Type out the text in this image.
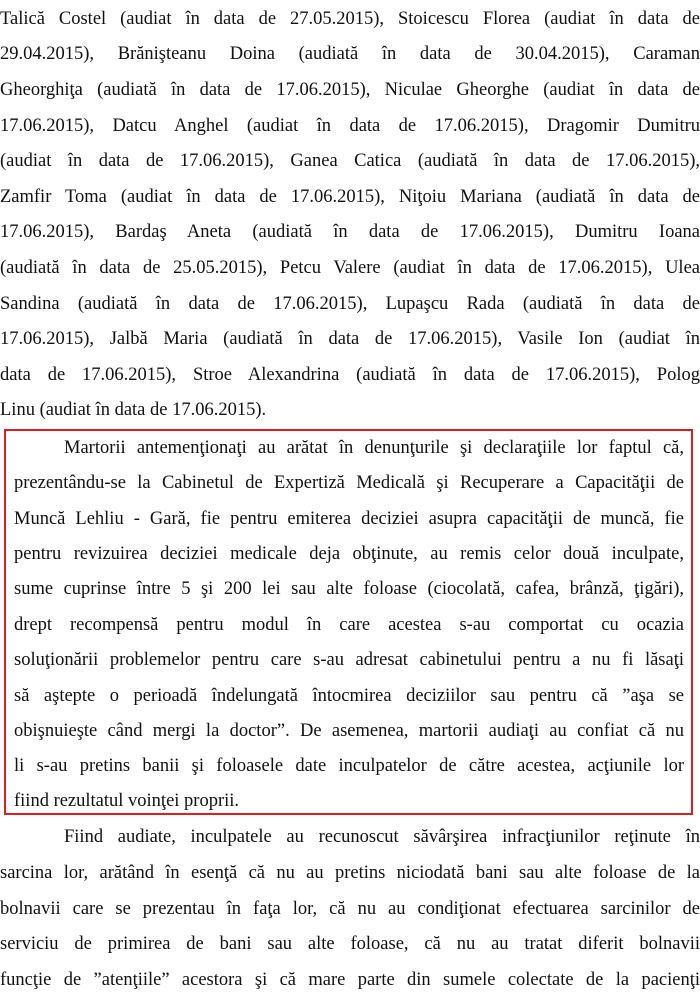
Talică Costel (audiat în data de 27.05.2015), Stoicescu Florea (audiat în data de
29.04.2015), Brănişteanu Doina (audiată în data de 30.04.2015), Caraman
Gheorghiţa (audiată în data de 17.06.2015), Niculae Gheorghe (audiat în data de
17.06.2015), Datcu Anghel (audiat în data de 17.06.2015), Dragomir Dumitru
(audiat în data de 17.06.2015), Ganea Catica (audiată în data de 17.06.2015),
Zamfir Toma (audiat în data de 17.06.2015), Niţoiu Mariana (audiată în data de
17.06.2015), Bardaş Aneta (audiată în data de 17.06.2015), Dumitru Ioana
(audiată în data de 25.05.2015), Petcu Valere (audiat în data de 17.06.2015), Ulea
Sandina (audiată în data de 17.06.2015), Lupaşcu Rada (audiată în data de
17.06.2015), Jalbă Maria (audiată în data de 17.06.2015), Vasile Ion (audiat în
data de 17.06.2015), Stroe Alexandrina (audiată în data de 17.06.2015), Polog
Linu (audiat în data de 17.06.2015).
Martorii antemenţionaţi au arătat în denunţurile şi declaraţiile lor faptul că,
prezentându-se la Cabinetul de Expertiză Medicală şi Recuperare a Capacităţii de
Muncă Lehliu - Gară, fie pentru emiterea deciziei asupra capacităţii de muncă, fie
pentru revizuirea deciziei medicale deja obţinute, au remis celor două inculpate,
sume cuprinse între 5 şi 200 lei sau alte foloase (ciocolată, cafea, brânză, ţigări),
drept recompensă pentru modul în care acestea s-au comportat cu ocazia
soluţionării problemelor pentru care s-au adresat cabinetului pentru a nu fi lăsaţi
să aştepte o perioadă îndelungată întocmirea deciziilor sau pentru că ”aşa se
obişnuieşte când mergi la doctor”. De asemenea, martorii audiaţi au confiat că nu
li s-au pretins banii şi foloasele date inculpatelor de către acestea, acţiunile lor
fiind rezultatul voinţei proprii.
Fiind audiate, inculpatele au recunoscut săvârşirea infracţiunilor reţinute în
sarcina lor, arătând în esenţă că nu au pretins niciodată bani sau alte foloase de la
bolnavii care se prezentau în faţa lor, că nu au condiţionat efectuarea sarcinilor de
serviciu de primirea de bani sau alte foloase, că nu au tratat diferit bolnavii
funcţie de ”atenţiile” acestora şi că mare parte din sumele colectate de la pacienţi
